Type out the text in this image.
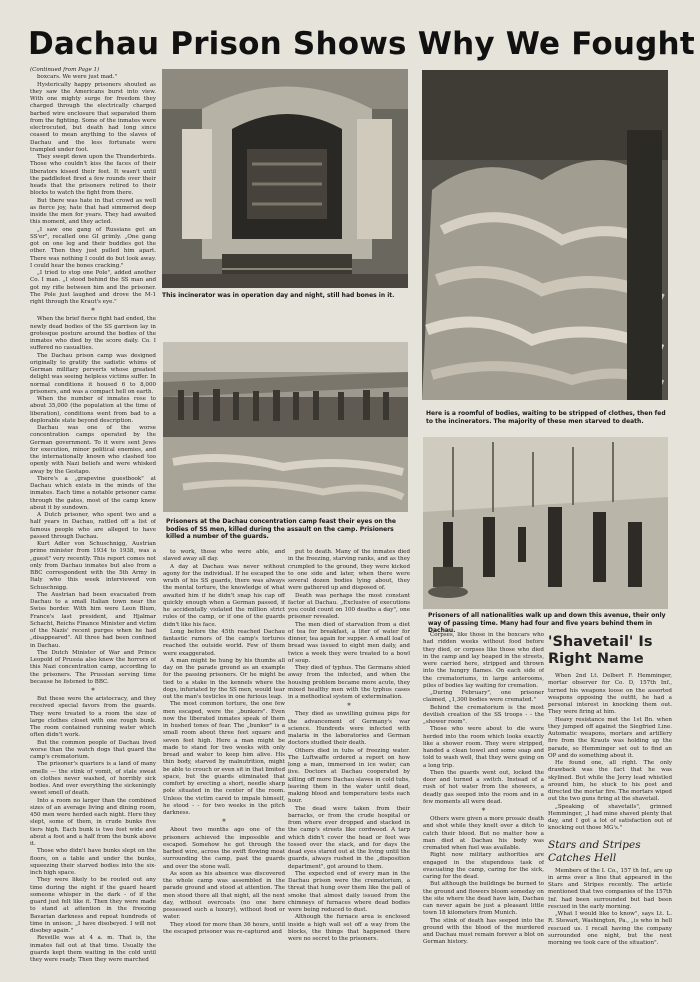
Dachau Prison Shows Why We Fought

(Continued from Page 1)

boxcars. We were just mad."

Hysterically happy prisoners shouted as they saw the Americans burst into view. With one mighty surge for freedom they charged through the electrically charged barbed wire enclosure that separated them from the fighting. Some of the inmates were electrocuted, but death had long since ceased to mean anything to the slaves of Dachau and the less fortunate were trampled under foot.

They swept down upon the Thunderbirds. Those who couldn't kiss the faces of their liberators kissed their feet. It wasn't until the paddlefeet fired a few rounds over their heads that the prisoners retired to their blocks to watch the fight from there.

But there was hate in that crowd as well as fierce joy, hate that had simmered deep inside the men for years. They had awaited this moment, and they acted.

„I saw one gang of Russians get an SS'er", recalled one GI grimly. „One gang got on one leg and their buddies got the other. Then they just pulled him apart. There was nothing I could do but look away. I could hear the bones cracking."

„I tried to stop one Pole", added another Co. I man. „I stood behind the SS man and got my rifle between him and the prisoner. The Pole just laughed and drove the M-1 right through the Kraut's eye."

*

When the brief fierce fight had ended, the newly dead bodies of the SS garrison lay in grotesque posture around the bodies of the inmates who died by the score daily. Co. I suffered no casualties.

The Dachau prison camp was designed originally to gratify the sadistic whims of German military perverts whose greatest delight was seeing helpless victims suffer. In normal conditions it housed 6 to 8,000 prisoners, and was a compact hell on earth.

When the number of inmates rose to about 35,000 (the population at the time of liberation), conditions went from bad to a deplorable state beyond description.

Dachau was one of the worse concentration camps operated by the German government. To it were sent Jews for execution, minor political enemies, and the internationally known who clashed too openly with Nazi beliefs and were whisked away by the Gestapo.

There's a „grapevine guestbook" at Dachau which exists in the minds of the inmates. Each time a notable prisoner came through the gates, most of the camp knew about it by sundown.

A Dutch prisoner, who spent two and a half years in Dachau, rattled off a list of famous people who are alleged to have passed through Dachau.

Kurt Adler von Schuschnigg, Austrian prime minister from 1934 to 1938, was a „guest" very recently. This report comes not only from Dachau inmates but also from a BBC correspondent with the 5th Army in Italy who this week interviewed von Schuschnigg.

The Austrian had been evacuated from Dachau to a small Italian town near the Swiss border. With him were Leon Blum, France's last president, and Hjalmar Schacht, Reichs Finance Minister and victim of the Nazis' recent purges when he had „disappeared". All three had been confined in Dachau.

The Dutch Minister of War and Prince Leopold of Prussia also knew the horrors of this Nazi concentration camp, according to the prisoners. The Prussian serving time because he listened to BBC.

*

But these were the aristocracy, and they received special favors from the guards. They were treated to a room the size of large clothes closet with one rough bunk. The room contained running water which often didn't work.

But the common people of Dachau lived worse than the watch dogs that guard the camp's crematorium.

The prisoner's quarters is a land of many smells — the stink of vomit, of stale sweat on clothes never washed, of horribly sick bodies. And over everything the sickeningly sweet smell of death.

Into a room no larger than the combined sizes of an average living and dining room, 450 men were herded each night. Here they slept, some of them, in crude bunks five tiers high. Each bunk is two feet wide and about a foot and a half from the bunk above it.

Those who didn't have bunks slept on the floors, on a table and under the bunks, squeezing their starved bodies into the six-inch high space.

They were likely to be routed out any time during the night if the guard heard someone whisper in the dark - of if the guard just felt like it. Then they were made to stand at attention in the freezing Bavarian darkness and repeat hundreds of time in unison: „I have disobeyed. I will not disobey again."

Reveille was at 4 a. m. That is, the inmates fall out at that time. Usually the guards kept them waiting in the cold until they were ready. Then they were marched

This incinerator was in operation day and night, still had bones in it.
Here is a roomful of bodies, waiting to be stripped of clothes, then fed to the incinerators. The majority of these men starved to death.
Prisoners at the Dachau concentration camp feast their eyes on the bodies of SS men, killed during the assault on the camp. Prisioners killed a number of the guards.
Prisoners of all nationalities walk up and down this avenue, their only way of passing time. Many had four and five years behind them in Dachau.

to work, those who were able, and slaved away all day.

A day at Dachau was never without agony for the individual. If he escaped the wrath of his SS guards, there was always the mental torture, the knowledge of what awaited him if he didn't snap his cap off quickly enough when a German passed, if he accidentally violated the million strict rules of the camp, or if one of the guards didn't like his face.

Long before the 45th reached Dachau fantastic rumors of the camp's tortures reached the outside world. Few of them were exaggerated.

A man might be hung by his thumbs all day on the parade ground as an example for the passing prisoners. Or he might be tied to a stake in the kennels where the dogs, infuriated by the SS men, would tear out the man's testicles in one furious leap.

The most common torture, the one few men escaped, were the „bunkers". Even now the liberated inmates speak of them in hushed tones of fear. The „bunker" is a small room about three feet square and seven feet high. Here a man might be made to stand for two weeks with only bread and water to keep him alive. His thin body, starved by malnutrition, might be able to crouch or even sit in that limited space, but the guards eliminated that comfort by erecting a short, needle sharp pole situated in the center of the room. Unless the victim cared to impale himself, he stood - - for two weeks in the pitch darkness.

*

About two months ago one of the prisoners achieved the impossible and escaped. Somehow he got through the barbed wire, across the swift flowing moat surrounding the camp, past the guards and over the stone wall.

As soon as his absence was discovered the whole camp was assembled in the parade ground and stood at attention. The men stood there all that night, all the next day, without overcoats (no one here possessed such a luxury), without food or water.

They stood for more than 36 hours, until the escaped prisoner was re-captured and

put to death. Many of the inmates died in the freezing, starving ranks, and as they crumpled to the ground, they were kicked to one side and later, when there were several dozen bodies lying about, they were gathered up and disposed of.

Death was perhaps the most constant factor at Dachau. „Exclusive of executions you could count on 100 deaths a day", one prisoner revealed.

The men died of starvation from a diet of tea for breakfast, a liter of water for dinner, tea again for supper. A small loaf of bread was issued to eight men daily, and twice a week they were treated to a bowl of soup.

They died of typhus. The Germans shied away from the infected, and when the housing problem became more acute, they mixed healthy men with the typhus cases in a methodical system of extermination.

*

They died as unwilling guinea pigs for the advancement of Germany's war science. Hundreds were infected with malaria in the laboratories and German doctors studied their death.

Others died in tubs of freezing water. The Luftwaffe ordered a report on how long a man, immersed in ice water, can live. Doctors at Dachau cooperated by killing off more Dachau slaves in cold tubs, leaving them in the water until dead, making blood and temperature tests each hour.

The dead were taken from their barracks, or from the crude hospital or from where ever dropped and stacked in the camp's streets like cordwood. A tarp which didn't cover the head or feet was tossed over the stack, and for days the dead eyes stared out at the living until the guards, always rushed in the „disposition department", got around to them.

The expected end of every man in the Dachau prison were the crematorium, a threat that hung over them like the pall of smoke that almost daily issued from the chimneys of furnaces where dead bodies were being reduced to dust.

Although the furnace area is enclosed inside a high wall set off a way from the blocks, the things that happened there were no secret to the prisoners.

Corpses, like those in the boxcars who had ridden weeks without food before they died, or corpses like those who died in the camp and lay heaped in the streets, were carried here, stripped and thrown into the hungry flames. On each side of the crematoriums, in large anterooms, piles of bodies lay waiting for cremation.

„During February", one prisoner claimed, „1,300 bodies were cremated."

Behind the crematorium is the most devilish creation of the SS troops - - the „shower room".

Those who were about to die were herded into the room which looks exactly like a shower room. They were stripped, handed a clean towel and some soap and told to wash well, that they were going on a long trip.

Then the guards went out, locked the door and turned a switch. Instead of a rush of hot water from the showers, a deadly gas seeped into the room and in a few moments all were dead.

*

Others were given a more prosaic death and shot while they knelt over a ditch to catch their blood. But no matter how a man died at Dachau his body was cremated when fuel was available.

Right now military authorities are engaged in the stupendous task of evacuating the camp, caring for the sick, caring for the dead.

But although the buildings be burned to the ground and flowers bloom someday on the site where the dead have lain, Dachau can never again be just a pleasant little town 18 kilometers from Munich.

The stink of death has seeped into the ground with the blood of the murdered and Dachau must remain forever a blot on German history.

'Shavetail' Is Right Name

When 2nd Lt. Delbert F. Hemminger, mortar observer for Co. D, 157th Inf., turned his weapons loose on the assorted weapons opposing the outfit, he had a personal interest in knocking them out. They were firing at him.

Heavy resistance met the 1st Bn. when they jumped off against the Siegfried Line. Automatic weapons, mortars and artillery fire from the Krauts was holding up the parade, so Hemminger set out to find an OP and do something about it.

He found one, all right. The only drawback was the fact that he was skylined. But while the Jerry lead whistled around him, he stuck to his post and directed the mortar fire. The mortars wiped out the two guns firing at the shavetail.

„Speaking of shavetails", grinned Hemminger, „I had mine shaved plenty that day, and I got a lot of satisfaction out of knocking out those MG's."

Stars and Stripes Catches Hell

Members of the I. Co., 157 th Inf., are up in arms over a line that appeared in the Stars and Stripes recently. The article mentioned that two companies of the 157th Inf. had been surrounded but had been rescued in the early morning.

„What I would like to know", says Lt. L. R. Stewart, Washington, Pa., „is who in hell rescued us. I recall having the company surrounded one night, but the next morning we took care of the situation".
